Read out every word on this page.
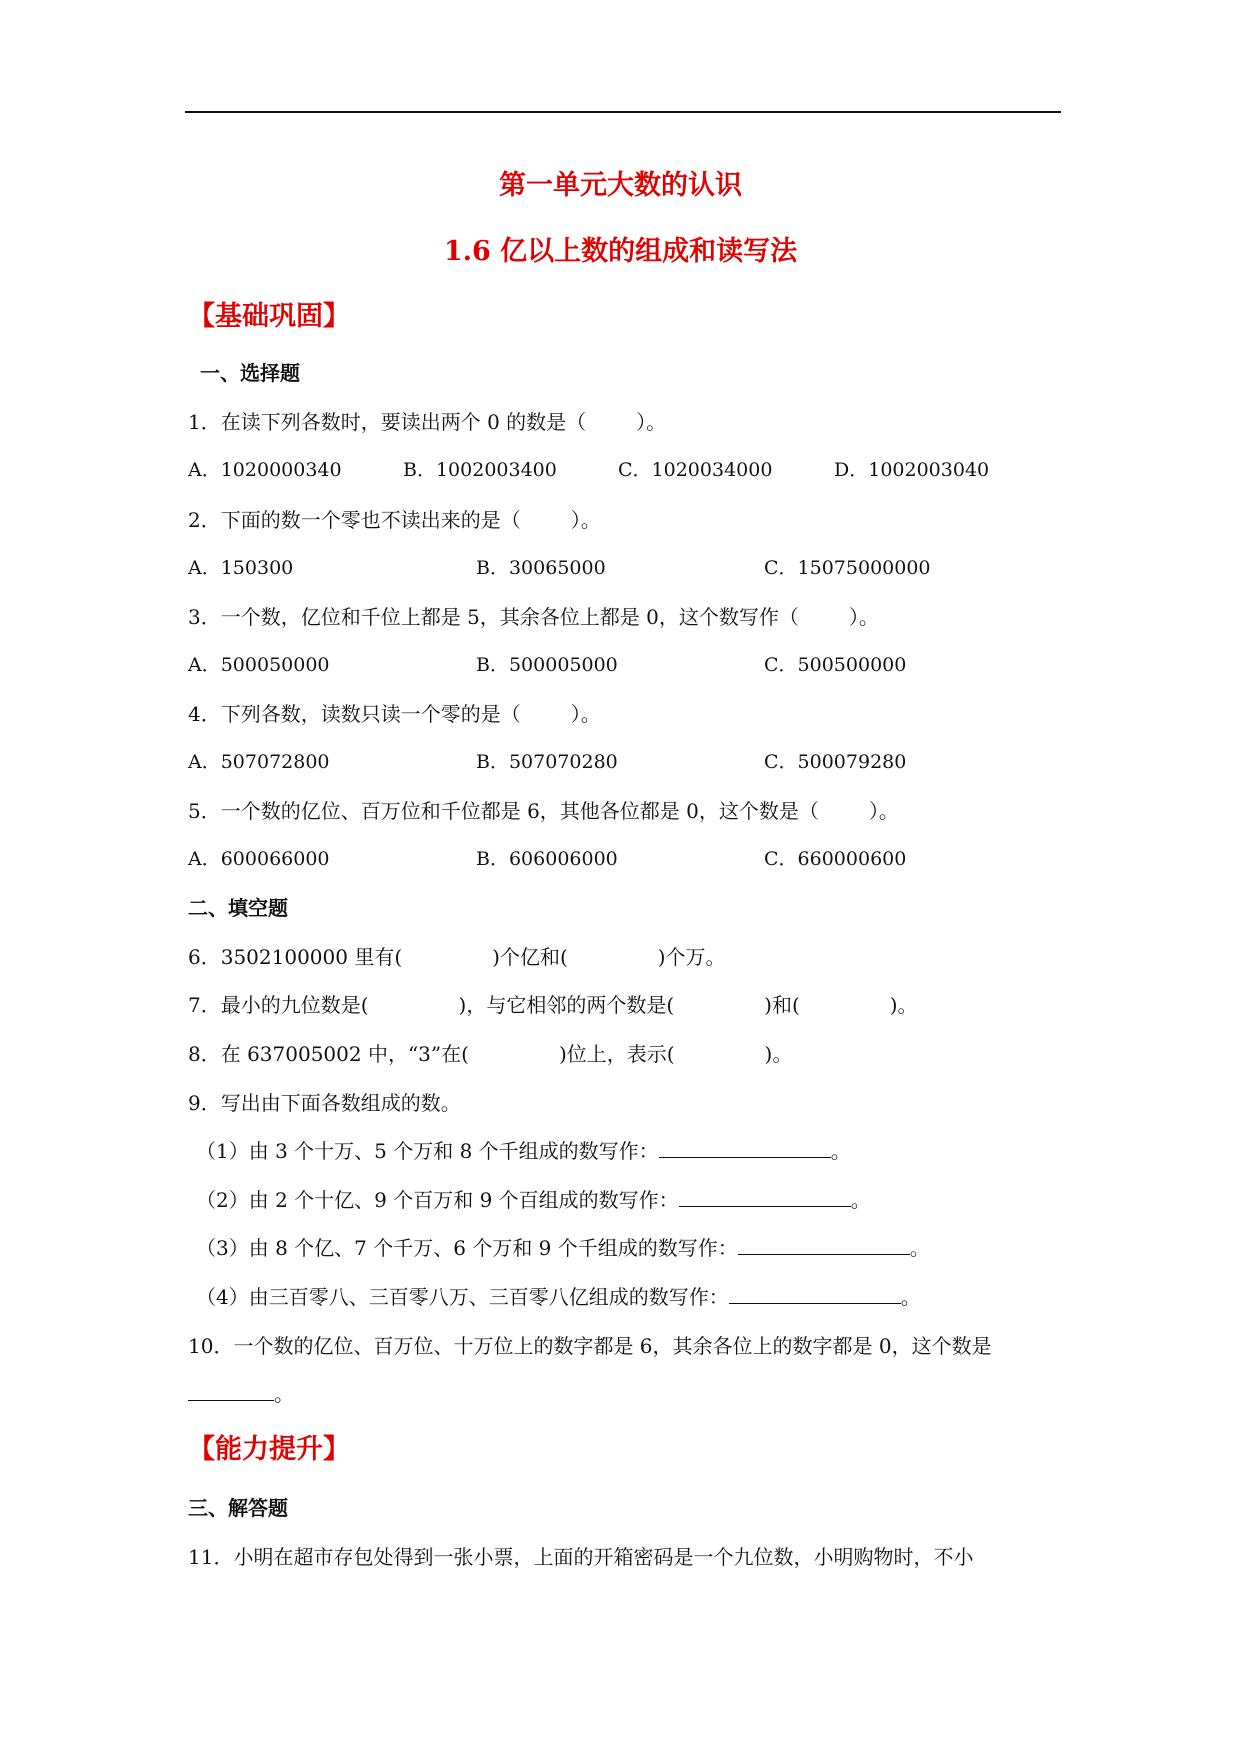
第一单元大数的认识
1.6 亿以上数的组成和读写法
【基础巩固】
一、选择题
1．在读下列各数时，要读出两个 0 的数是（	）。
A．1020000340	B．1002003400	C．1020034000	D．1002003040
2．下面的数一个零也不读出来的是（	）。
A．150300	B．30065000	C．15075000000
3．一个数，亿位和千位上都是 5，其余各位上都是 0，这个数写作（	）。
A．500050000	B．500005000	C．500500000
4．下列各数，读数只读一个零的是（	）。
A．507072800	B．507070280	C．500079280
5．一个数的亿位、百万位和千位都是 6，其他各位都是 0，这个数是（	）。
A．600066000	B．606006000	C．660000600
二、填空题
6．3502100000 里有(	)个亿和(	)个万。
7．最小的九位数是(	)，与它相邻的两个数是(	)和(	)。
8．在 637005002 中，“3”在(	)位上，表示(	)。
9．写出由下面各数组成的数。
（1）由 3 个十万、5 个万和 8 个千组成的数写作：	。
（2）由 2 个十亿、9 个百万和 9 个百组成的数写作：	。
（3）由 8 个亿、7 个千万、6 个万和 9 个千组成的数写作：	。
（4）由三百零八、三百零八万、三百零八亿组成的数写作：	。
10．一个数的亿位、百万位、十万位上的数字都是 6，其余各位上的数字都是 0，这个数是
。
【能力提升】
三、解答题
11．小明在超市存包处得到一张小票，上面的开箱密码是一个九位数，小明购物时，不小
